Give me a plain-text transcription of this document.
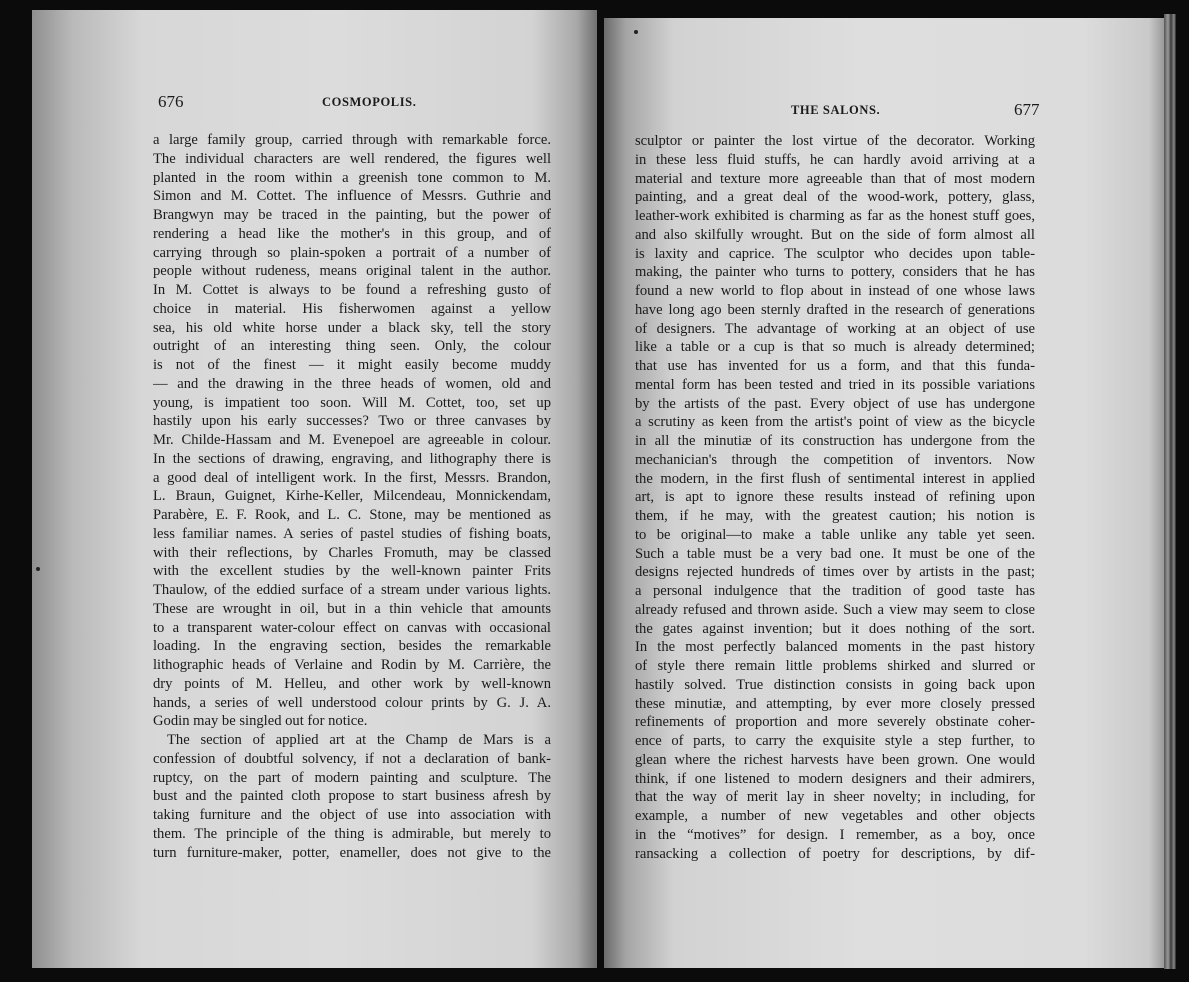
676	COSMOPOLIS.
a large family group, carried through with remarkable force.
The individual characters are well rendered, the figures well
planted in the room within a greenish tone common to M.
Simon and M. Cottet. The influence of Messrs. Guthrie and
Brangwyn may be traced in the painting, but the power of
rendering a head like the mother's in this group, and of
carrying through so plain-spoken a portrait of a number of
people without rudeness, means original talent in the author.
In M. Cottet is always to be found a refreshing gusto of
choice in material. His fisherwomen against a yellow
sea, his old white horse under a black sky, tell the story
outright of an interesting thing seen. Only, the colour
is not of the finest — it might easily become muddy
— and the drawing in the three heads of women, old and
young, is impatient too soon. Will M. Cottet, too, set up
hastily upon his early successes? Two or three canvases by
Mr. Childe-Hassam and M. Evenepoel are agreeable in colour.
In the sections of drawing, engraving, and lithography there is
a good deal of intelligent work. In the first, Messrs. Brandon,
L. Braun, Guignet, Kirhe-Keller, Milcendeau, Monnickendam,
Parabère, E. F. Rook, and L. C. Stone, may be mentioned as
less familiar names. A series of pastel studies of fishing boats,
with their reflections, by Charles Fromuth, may be classed
with the excellent studies by the well-known painter Frits
Thaulow, of the eddied surface of a stream under various lights.
These are wrought in oil, but in a thin vehicle that amounts
to a transparent water-colour effect on canvas with occasional
loading. In the engraving section, besides the remarkable
lithographic heads of Verlaine and Rodin by M. Carrière, the
dry points of M. Helleu, and other work by well-known
hands, a series of well understood colour prints by G. J. A.
Godin may be singled out for notice.
The section of applied art at the Champ de Mars is a
confession of doubtful solvency, if not a declaration of bank-
ruptcy, on the part of modern painting and sculpture. The
bust and the painted cloth propose to start business afresh by
taking furniture and the object of use into association with
them. The principle of the thing is admirable, but merely to
turn furniture-maker, potter, enameller, does not give to the
THE SALONS.	677
sculptor or painter the lost virtue of the decorator. Working
in these less fluid stuffs, he can hardly avoid arriving at a
material and texture more agreeable than that of most modern
painting, and a great deal of the wood-work, pottery, glass,
leather-work exhibited is charming as far as the honest stuff goes,
and also skilfully wrought. But on the side of form almost all
is laxity and caprice. The sculptor who decides upon table-
making, the painter who turns to pottery, considers that he has
found a new world to flop about in instead of one whose laws
have long ago been sternly drafted in the research of generations
of designers. The advantage of working at an object of use
like a table or a cup is that so much is already determined;
that use has invented for us a form, and that this funda-
mental form has been tested and tried in its possible variations
by the artists of the past. Every object of use has undergone
a scrutiny as keen from the artist's point of view as the bicycle
in all the minutiæ of its construction has undergone from the
mechanician's through the competition of inventors. Now
the modern, in the first flush of sentimental interest in applied
art, is apt to ignore these results instead of refining upon
them, if he may, with the greatest caution; his notion is
to be original—to make a table unlike any table yet seen.
Such a table must be a very bad one. It must be one of the
designs rejected hundreds of times over by artists in the past;
a personal indulgence that the tradition of good taste has
already refused and thrown aside. Such a view may seem to close
the gates against invention; but it does nothing of the sort.
In the most perfectly balanced moments in the past history
of style there remain little problems shirked and slurred or
hastily solved. True distinction consists in going back upon
these minutiæ, and attempting, by ever more closely pressed
refinements of proportion and more severely obstinate coher-
ence of parts, to carry the exquisite style a step further, to
glean where the richest harvests have been grown. One would
think, if one listened to modern designers and their admirers,
that the way of merit lay in sheer novelty; in including, for
example, a number of new vegetables and other objects
in the “motives” for design. I remember, as a boy, once
ransacking a collection of poetry for descriptions, by dif-
